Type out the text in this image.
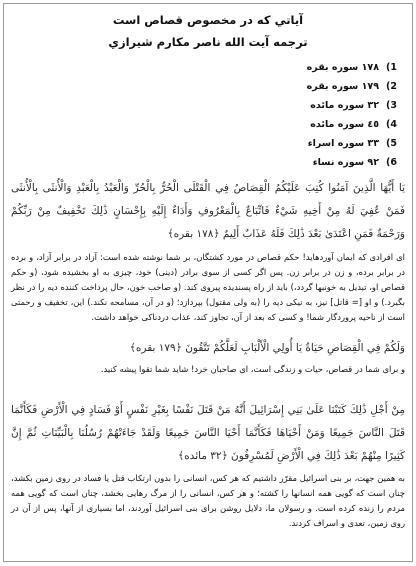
آياتي كه در مخصوص قصاص است
ترجمه آيت الله ناصر مكارم شيرازي
1)
١٧٨ سوره بقره
2)
١٧٩ سوره بقره
3)
٣٢ سوره مائده
4)
٤٥ سوره مائده
5)
٣٣ سوره اسراء
6)
٩٢ سوره نساء

يَا أَيُّهَا الَّذِينَ آمَنُوا كُتِبَ عَلَيْكُمُ الْقِصَاصُ فِي الْقَتْلَى الْحُرُّ بِالْحُرِّ وَالْعَبْدُ بِالْعَبْدِ وَالْأُنثَى بِالْأُنثَى فَمَنْ عُفِيَ لَهُ مِنْ أَخِيهِ شَيْءٌ فَاتِّبَاعٌ بِالْمَعْرُوفِ وَأَدَاءٌ إِلَيْهِ بِإِحْسَانٍ ذَٰلِكَ تَخْفِيفٌ مِنْ رَبِّكُمْ وَرَحْمَةٌ فَمَنِ اعْتَدَىٰ بَعْدَ ذَٰلِكَ فَلَهُ عَذَابٌ أَلِيمٌ ﴿١٧٨ بقره﴾

اى افرادى كه ايمان آورده‏ايد! حكم قصاص در مورد كشتگان، بر شما نوشته شده است: آزاد در برابر آزاد، و برده در برابر برده، و زن در برابر زن. پس اگر كسى از سوى برادر (دينى) خود، چيزى به او بخشيده شود، (و حكم قصاص او، تبديل به خونبها گردد،) بايد از راه پسنديده پيروى كند. (و صاحب خون، حال پرداخت كننده ديه را در نظر بگيرد.) و او [= قاتل] نيز، به نيكى ديه را (به ولى مقتول) بپردازد؛ (و در آن، مسامحه نكند.) اين، تخفيف و رحمتى است از ناحيه پروردگار شما! و كسى كه بعد از آن، تجاوز كند، عذاب دردناكى خواهد داشت.

وَلَكُمْ فِي الْقِصَاصِ حَيَاةٌ يَا أُولِي الْأَلْبَابِ لَعَلَّكُمْ تَتَّقُونَ ﴿١٧٩ بقره﴾

و براى شما در قصاص، حيات و زندگى است، اى صاحبان خرد! شايد شما تقوا پيشه كنيد.

مِنْ أَجْلِ ذَٰلِكَ كَتَبْنَا عَلَىٰ بَنِي إِسْرَائِيلَ أَنَّهُ مَنْ قَتَلَ نَفْسًا بِغَيْرِ نَفْسٍ أَوْ فَسَادٍ فِي الْأَرْضِ فَكَأَنَّمَا قَتَلَ النَّاسَ جَمِيعًا وَمَنْ أَحْيَاهَا فَكَأَنَّمَا أَحْيَا النَّاسَ جَمِيعًا وَلَقَدْ جَاءَتْهُمْ رُسُلُنَا بِالْبَيِّنَاتِ ثُمَّ إِنَّ كَثِيرًا مِنْهُمْ بَعْدَ ذَٰلِكَ فِي الْأَرْضِ لَمُسْرِفُونَ ﴿٣٢ مائده﴾

به همين جهت، بر بنى اسرائيل مقرّر داشتيم كه هر كس، انسانى را بدون ارتكاب قتل يا فساد در روى زمين بكشد، چنان است كه گويى همه انسانها را كشته؛ و هر كس، انسانى را از مرگ رهايى بخشد، چنان است كه گويى همه مردم را زنده كرده است. و رسولان ما، دلايل روشن براى بنى اسرائيل آوردند، اما بسيارى از آنها، پس از آن در روى زمين، تعدى و اسراف كردند.
